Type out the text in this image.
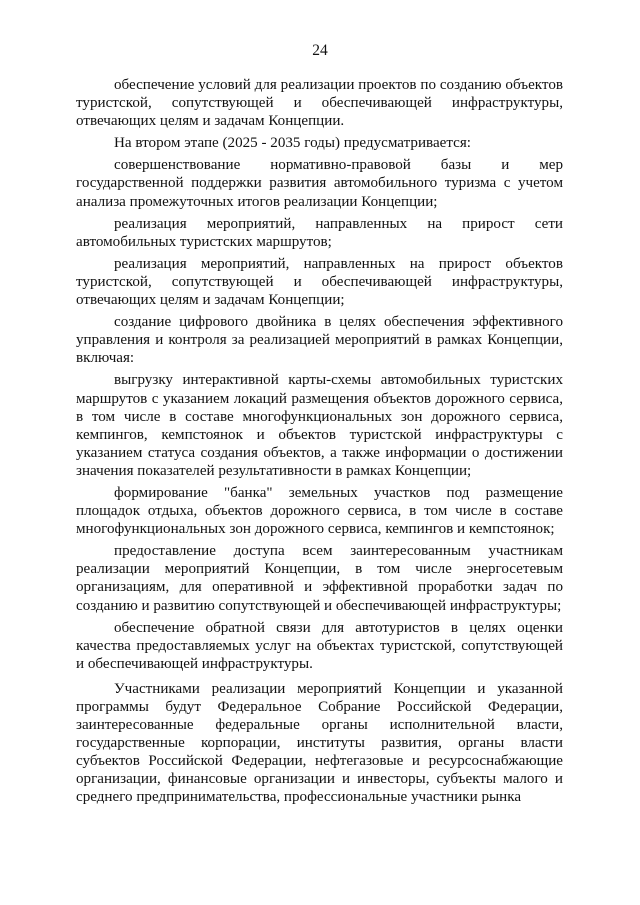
24

обеспечение условий для реализации проектов по созданию объектов туристской, сопутствующей и обеспечивающей инфраструктуры, отвечающих целям и задачам Концепции.

На втором этапе (2025 - 2035 годы) предусматривается:

совершенствование нормативно-правовой базы и мер государственной поддержки развития автомобильного туризма с учетом анализа промежуточных итогов реализации Концепции;

реализация мероприятий, направленных на прирост сети автомобильных туристских маршрутов;

реализация мероприятий, направленных на прирост объектов туристской, сопутствующей и обеспечивающей инфраструктуры, отвечающих целям и задачам Концепции;

создание цифрового двойника в целях обеспечения эффективного управления и контроля за реализацией мероприятий в рамках Концепции, включая:

выгрузку интерактивной карты-схемы автомобильных туристских маршрутов с указанием локаций размещения объектов дорожного сервиса, в том числе в составе многофункциональных зон дорожного сервиса, кемпингов, кемпстоянок и объектов туристской инфраструктуры с указанием статуса создания объектов, а также информации о достижении значения показателей результативности в рамках Концепции;

формирование "банка" земельных участков под размещение площадок отдыха, объектов дорожного сервиса, в том числе в составе многофункциональных зон дорожного сервиса, кемпингов и кемпстоянок;

предоставление доступа всем заинтересованным участникам реализации мероприятий Концепции, в том числе энергосетевым организациям, для оперативной и эффективной проработки задач по созданию и развитию сопутствующей и обеспечивающей инфраструктуры;

обеспечение обратной связи для автотуристов в целях оценки качества предоставляемых услуг на объектах туристской, сопутствующей и обеспечивающей инфраструктуры.

Участниками реализации мероприятий Концепции и указанной программы будут Федеральное Собрание Российской Федерации, заинтересованные федеральные органы исполнительной власти, государственные корпорации, институты развития, органы власти субъектов Российской Федерации, нефтегазовые и ресурсоснабжающие организации, финансовые организации и инвесторы, субъекты малого и среднего предпринимательства, профессиональные участники рынка
